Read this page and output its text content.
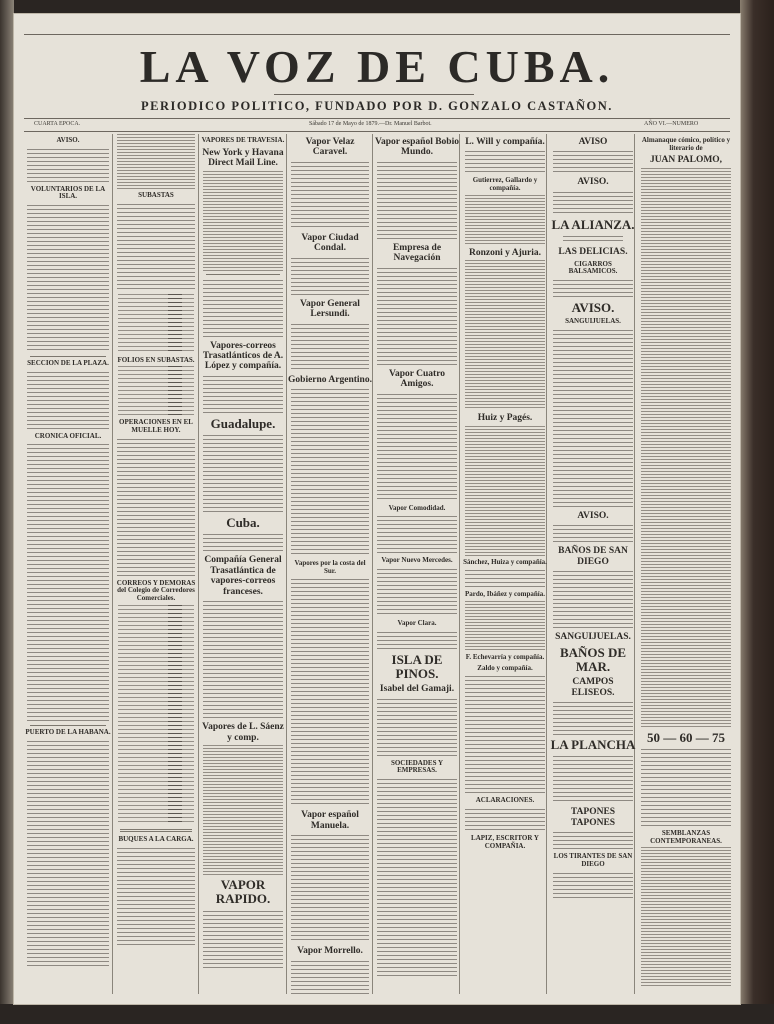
LA VOZ DE CUBA.
PERIODICO POLITICO, FUNDADO POR D. GONZALO CASTAÑON.
CUARTA EPOCA.	Sábado 17 de Mayo de 1879.—Dr. Manuel Barbot.	AÑO VI.—NUMERO
AVISO.
VOLUNTARIOS DE LA ISLA.
SECCION DE LA PLAZA.
CRONICA OFICIAL.
PUERTO DE LA HABANA.
SUBASTAS
FOLIOS EN SUBASTAS.
OPERACIONES EN EL MUELLE HOY.
CORREOS Y DEMORAS del Colegio de Corredores Comerciales.
BUQUES A LA CARGA.
VAPORES DE TRAVESIA.
New York y Havana Direct Mail Line.
Vapores-correos Trasatlánticos de A. López y compañía.
Guadalupe.
Cuba.
Compañía General Trasatlántica de vapores-correos franceses.
Vapores de L. Sáenz y comp.
VAPOR RAPIDO.
Vapor Velaz Caravel.
Vapor Ciudad Condal.
Vapor General Lersundi.
Gobierno Argentino.
Vapores por la costa del Sur.
Vapor español Manuela.
Vapor Morrello.
Vapor español Bobio Mundo.
Empresa de Navegación
Vapor Cuatro Amigos.
Vapor Comodidad.
Vapor Nuevo Mercedes.
Vapor Clara.
ISLA DE PINOS.
Isabel del Gamaji.
SOCIEDADES Y EMPRESAS.
L. Will y compañía.
Gutierrez, Gallardo y compañía.
Ronzoni y Ajuria.
Huiz y Pagés.
Sánchez, Huiza y compañía.
Pardo, Ibáñez y compañía.
F. Echevarría y compañía.
Zaldo y compañía.
ACLARACIONES.
LAPIZ, ESCRITOR Y COMPAÑIA.
AVISO
AVISO.
LA ALIANZA.
LAS DELICIAS.
CIGARROS BALSAMICOS.
AVISO.
SANGUIJUELAS.
AVISO.
BAÑOS DE SAN DIEGO
SANGUIJUELAS.
BAÑOS DE MAR.
CAMPOS ELISEOS.
LA PLANCHA
TAPONES TAPONES
LOS TIRANTES DE SAN DIEGO
Almanaque cómico, político y literario de
JUAN PALOMO,
50 — 60 — 75
SEMBLANZAS CONTEMPORANEAS.
